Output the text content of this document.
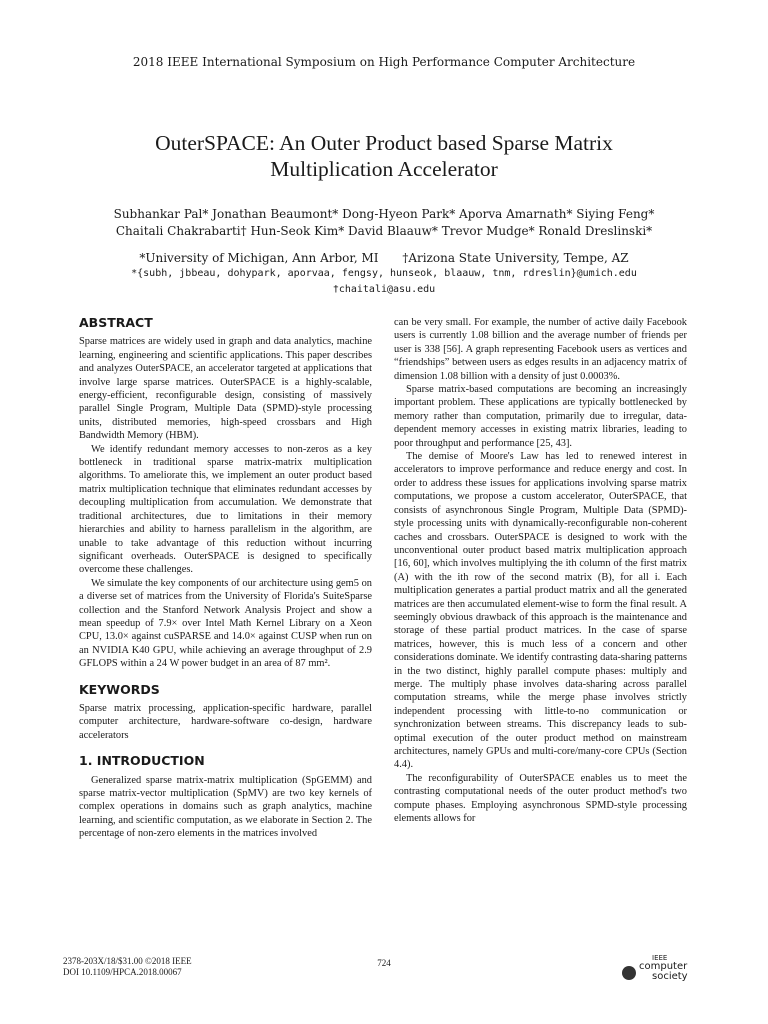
2018 IEEE International Symposium on High Performance Computer Architecture
OuterSPACE: An Outer Product based Sparse Matrix
Multiplication Accelerator
Subhankar Pal* Jonathan Beaumont* Dong-Hyeon Park* Aporva Amarnath* Siying Feng*
Chaitali Chakrabarti† Hun-Seok Kim* David Blaauw* Trevor Mudge* Ronald Dreslinski*
*University of Michigan, Ann Arbor, MI †Arizona State University, Tempe, AZ
*{subh, jbbeau, dohypark, aporvaa, fengsy, hunseok, blaauw, tnm, rdreslin}@umich.edu
†chaitali@asu.edu
ABSTRACT

Sparse matrices are widely used in graph and data analytics, machine learning, engineering and scientific applications. This paper describes and analyzes OuterSPACE, an accelerator targeted at applications that involve large sparse matrices. OuterSPACE is a highly-scalable, energy-efficient, reconfigurable design, consisting of massively parallel Single Program, Multiple Data (SPMD)-style processing units, distributed memories, high-speed crossbars and High Bandwidth Memory (HBM).

We identify redundant memory accesses to non-zeros as a key bottleneck in traditional sparse matrix-matrix multiplication algorithms. To ameliorate this, we implement an outer product based matrix multiplication technique that eliminates redundant accesses by decoupling multiplication from accumulation. We demonstrate that traditional architectures, due to limitations in their memory hierarchies and ability to harness parallelism in the algorithm, are unable to take advantage of this reduction without incurring significant overheads. OuterSPACE is designed to specifically overcome these challenges.

We simulate the key components of our architecture using gem5 on a diverse set of matrices from the University of Florida's SuiteSparse collection and the Stanford Network Analysis Project and show a mean speedup of 7.9× over Intel Math Kernel Library on a Xeon CPU, 13.0× against cuSPARSE and 14.0× against CUSP when run on an NVIDIA K40 GPU, while achieving an average throughput of 2.9 GFLOPS within a 24 W power budget in an area of 87 mm².

KEYWORDS

Sparse matrix processing, application-specific hardware, parallel computer architecture, hardware-software co-design, hardware accelerators

1. INTRODUCTION

Generalized sparse matrix-matrix multiplication (SpGEMM) and sparse matrix-vector multiplication (SpMV) are two key kernels of complex operations in domains such as graph analytics, machine learning, and scientific computation, as we elaborate in Section 2. The percentage of non-zero elements in the matrices involved

can be very small. For example, the number of active daily Facebook users is currently 1.08 billion and the average number of friends per user is 338 [56]. A graph representing Facebook users as vertices and “friendships” between users as edges results in an adjacency matrix of dimension 1.08 billion with a density of just 0.0003%.

Sparse matrix-based computations are becoming an increasingly important problem. These applications are typically bottlenecked by memory rather than computation, primarily due to irregular, data-dependent memory accesses in existing matrix libraries, leading to poor throughput and performance [25, 43].

The demise of Moore's Law has led to renewed interest in accelerators to improve performance and reduce energy and cost. In order to address these issues for applications involving sparse matrix computations, we propose a custom accelerator, OuterSPACE, that consists of asynchronous Single Program, Multiple Data (SPMD)-style processing units with dynamically-reconfigurable non-coherent caches and crossbars. OuterSPACE is designed to work with the unconventional outer product based matrix multiplication approach [16, 60], which involves multiplying the ith column of the first matrix (A) with the ith row of the second matrix (B), for all i. Each multiplication generates a partial product matrix and all the generated matrices are then accumulated element-wise to form the final result. A seemingly obvious drawback of this approach is the maintenance and storage of these partial product matrices. In the case of sparse matrices, however, this is much less of a concern and other considerations dominate. We identify contrasting data-sharing patterns in the two distinct, highly parallel compute phases: multiply and merge. The multiply phase involves data-sharing across parallel computation streams, while the merge phase involves strictly independent processing with little-to-no communication or synchronization between streams. This discrepancy leads to sub-optimal execution of the outer product method on mainstream architectures, namely GPUs and multi-core/many-core CPUs (Section 4.4).

The reconfigurability of OuterSPACE enables us to meet the contrasting computational needs of the outer product method's two compute phases. Employing asynchronous SPMD-style processing elements allows for

2378-203X/18/$31.00 ©2018 IEEE
DOI 10.1109/HPCA.2018.00067
724	IEEE
computer
society
